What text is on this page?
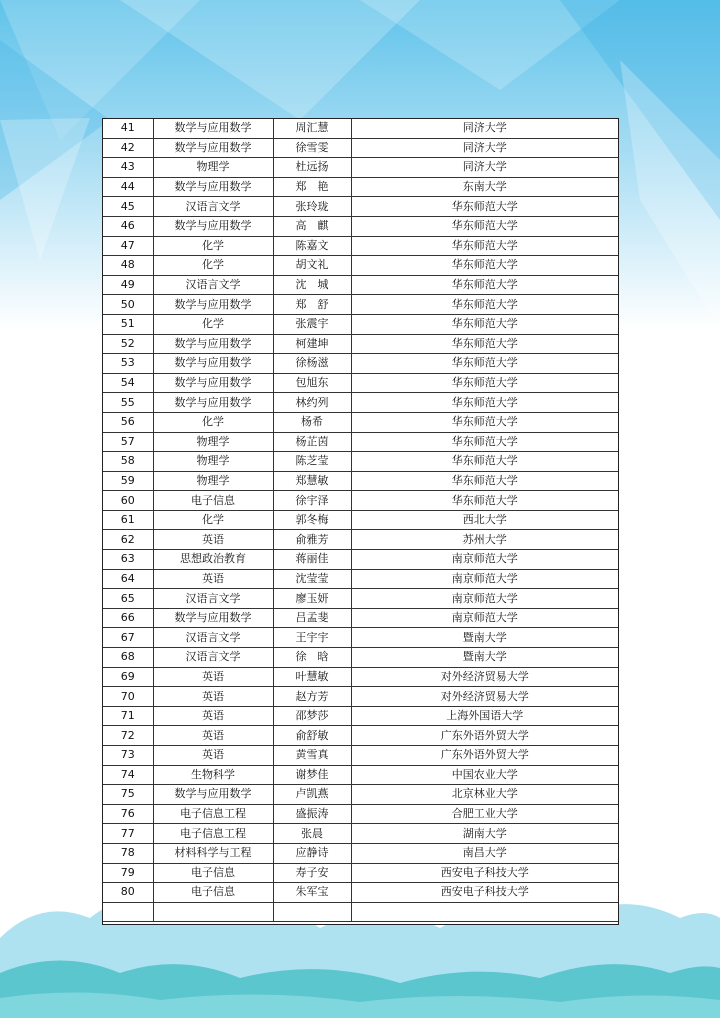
41	数学与应用数学	周汇慧	同济大学
42	数学与应用数学	徐雪雯	同济大学
43	物理学	杜远扬	同济大学
44	数学与应用数学	郑　艳	东南大学
45	汉语言文学	张玲珑	华东师范大学
46	数学与应用数学	高　麒	华东师范大学
47	化学	陈嘉文	华东师范大学
48	化学	胡文礼	华东师范大学
49	汉语言文学	沈　城	华东师范大学
50	数学与应用数学	郑　舒	华东师范大学
51	化学	张震宇	华东师范大学
52	数学与应用数学	柯建坤	华东师范大学
53	数学与应用数学	徐杨滋	华东师范大学
54	数学与应用数学	包旭东	华东师范大学
55	数学与应用数学	林约列	华东师范大学
56	化学	杨希	华东师范大学
57	物理学	杨芷茵	华东师范大学
58	物理学	陈芝莹	华东师范大学
59	物理学	郑慧敏	华东师范大学
60	电子信息	徐宇泽	华东师范大学
61	化学	郭冬梅	西北大学
62	英语	俞雅芳	苏州大学
63	思想政治教育	蒋丽佳	南京师范大学
64	英语	沈莹莹	南京师范大学
65	汉语言文学	廖玉妍	南京师范大学
66	数学与应用数学	吕孟斐	南京师范大学
67	汉语言文学	王宇宇	暨南大学
68	汉语言文学	徐　晗	暨南大学
69	英语	叶慧敏	对外经济贸易大学
70	英语	赵方芳	对外经济贸易大学
71	英语	邵梦莎	上海外国语大学
72	英语	俞舒敏	广东外语外贸大学
73	英语	黄雪真	广东外语外贸大学
74	生物科学	谢梦佳	中国农业大学
75	数学与应用数学	卢凯燕	北京林业大学
76	电子信息工程	盛振涛	合肥工业大学
77	电子信息工程	张晨	湖南大学
78	材料科学与工程	应静诗	南昌大学
79	电子信息	寿子安	西安电子科技大学
80	电子信息	朱军宝	西安电子科技大学
